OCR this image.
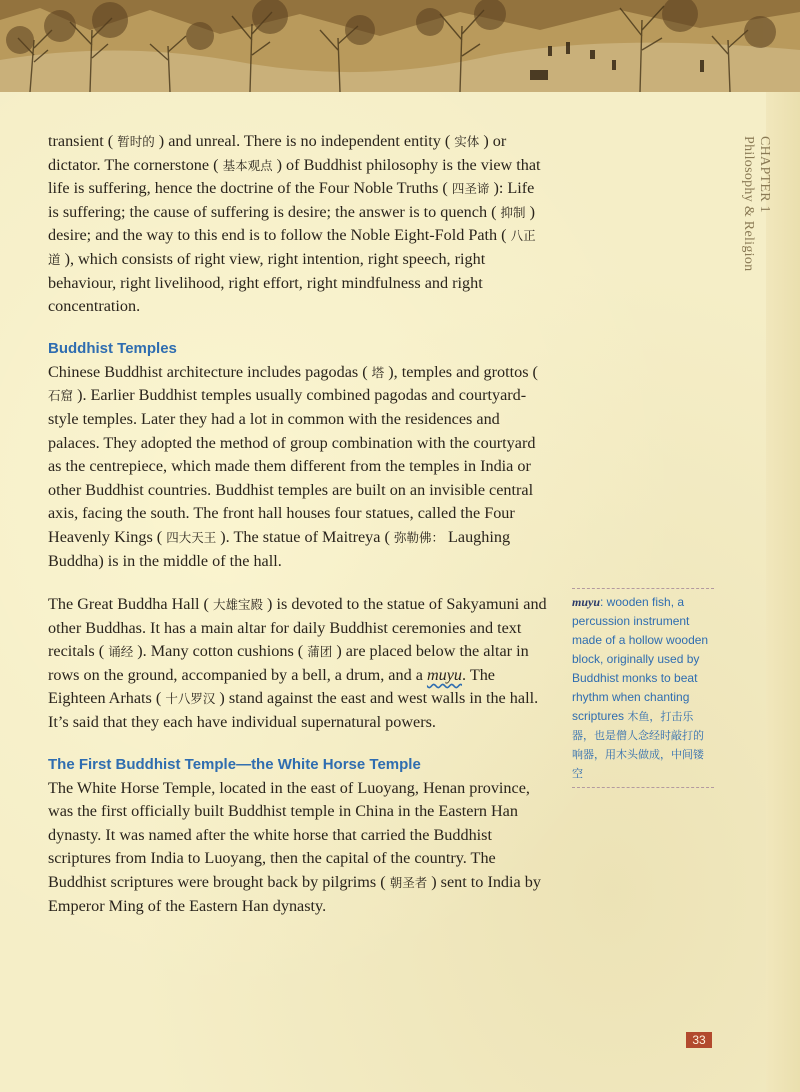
CHAPTER 1
Philosophy & Religion

transient ( 暂时的 ) and unreal. There is no independent entity ( 实体 ) or dictator. The cornerstone ( 基本观点 ) of Buddhist philosophy is the view that life is suffering, hence the doctrine of the Four Noble Truths ( 四圣谛 ): Life is suffering; the cause of suffering is desire; the answer is to quench ( 抑制 ) desire; and the way to this end is to follow the Noble Eight-Fold Path ( 八正道 ), which consists of right view, right intention, right speech, right behaviour, right livelihood, right effort, right mindfulness and right concentration.

Buddhist Temples

Chinese Buddhist architecture includes pagodas ( 塔 ), temples and grottos ( 石窟 ). Earlier Buddhist temples usually combined pagodas and courtyard-style temples. Later they had a lot in common with the residences and palaces. They adopted the method of group combination with the courtyard as the centrepiece, which made them different from the temples in India or other Buddhist countries. Buddhist temples are built on an invisible central axis, facing the south. The front hall houses four statues, called the Four Heavenly Kings ( 四大天王 ). The statue of Maitreya ( 弥勒佛： Laughing Buddha) is in the middle of the hall.

The Great Buddha Hall ( 大雄宝殿 ) is devoted to the statue of Sakyamuni and other Buddhas. It has a main altar for daily Buddhist ceremonies and text recitals ( 诵经 ). Many cotton cushions ( 蒲团 ) are placed below the altar in rows on the ground, accompanied by a bell, a drum, and a muyu. The Eighteen Arhats ( 十八罗汉 ) stand against the east and west walls in the hall. It’s said that they each have individual supernatural powers.

The First Buddhist Temple—the White Horse Temple

The White Horse Temple, located in the east of Luoyang, Henan province, was the first officially built Buddhist temple in China in the Eastern Han dynasty. It was named after the white horse that carried the Buddhist scriptures from India to Luoyang, then the capital of the country. The Buddhist scriptures were brought back by pilgrims ( 朝圣者 ) sent to India by Emperor Ming of the Eastern Han dynasty.

muyu: wooden fish, a percussion instrument made of a hollow wooden block, originally used by Buddhist monks to beat rhythm when chanting scriptures 木鱼，打击乐器，也是僧人念经时敲打的响器，用木头做成，中间镂空
33
